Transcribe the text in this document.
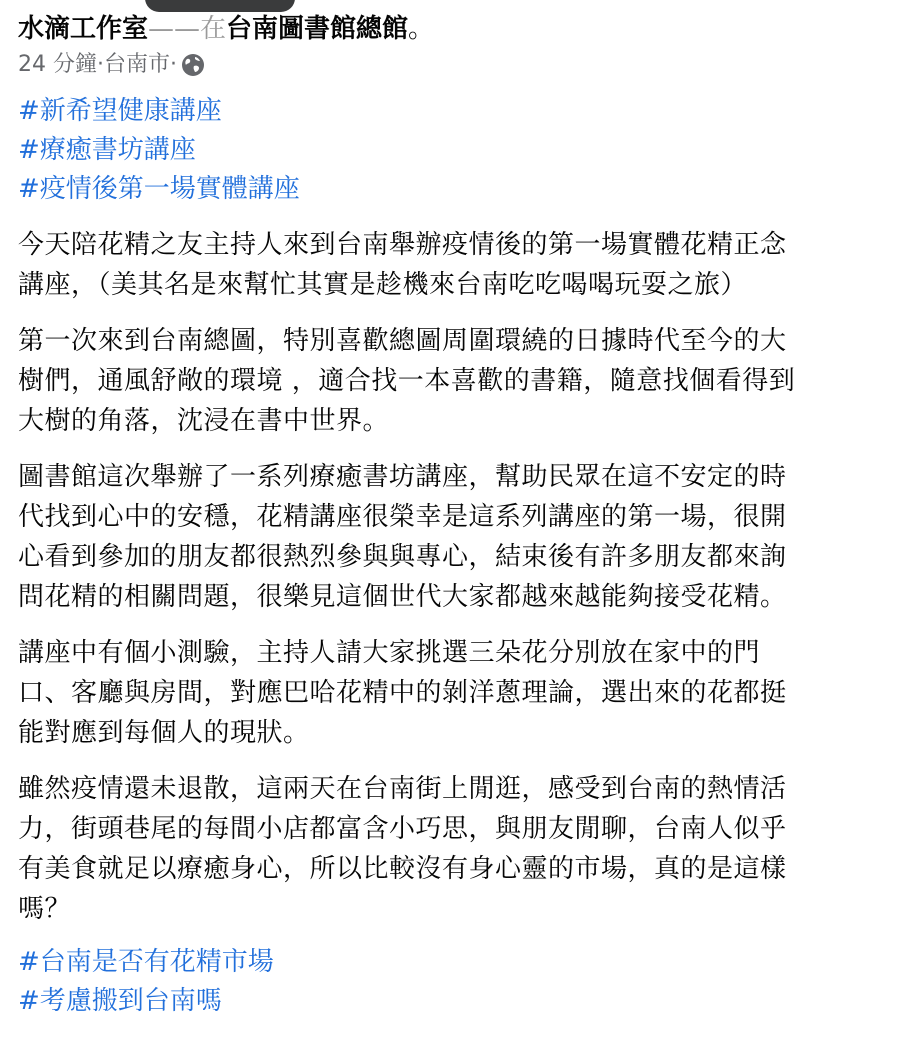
水滴工作室——在台南圖書館總館。
24 分鐘 · 台南市 ·
#新希望健康講座
#療癒書坊講座
#疫情後第一場實體講座
今天陪花精之友主持人來到台南舉辦疫情後的第一場實體花精正念
講座，（美其名是來幫忙其實是趁機來台南吃吃喝喝玩耍之旅）
第一次來到台南總圖，特別喜歡總圖周圍環繞的日據時代至今的大
樹們，通風舒敞的環境 ，適合找一本喜歡的書籍，隨意找個看得到
大樹的角落，沈浸在書中世界。
圖書館這次舉辦了一系列療癒書坊講座，幫助民眾在這不安定的時
代找到心中的安穩，花精講座很榮幸是這系列講座的第一場，很開
心看到參加的朋友都很熱烈參與與專心，結束後有許多朋友都來詢
問花精的相關問題，很樂見這個世代大家都越來越能夠接受花精。
講座中有個小測驗，主持人請大家挑選三朵花分別放在家中的門
口、客廳與房間，對應巴哈花精中的剝洋蔥理論，選出來的花都挺
能對應到每個人的現狀。
雖然疫情還未退散，這兩天在台南街上閒逛，感受到台南的熱情活
力，街頭巷尾的每間小店都富含小巧思，與朋友閒聊，台南人似乎
有美食就足以療癒身心，所以比較沒有身心靈的市場，真的是這樣
嗎？
#台南是否有花精市場
#考慮搬到台南嗎
